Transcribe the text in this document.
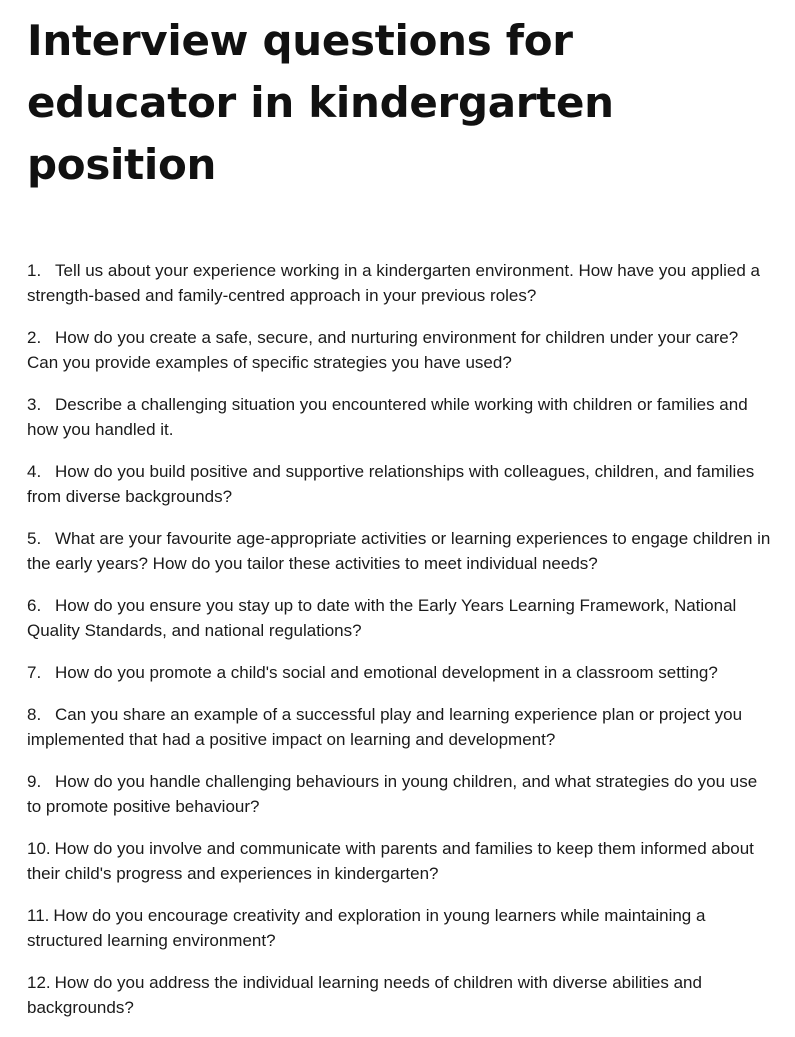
Interview questions for educator in kindergarten position
1. Tell us about your experience working in a kindergarten environment. How have you applied a strength-based and family-centred approach in your previous roles?
2. How do you create a safe, secure, and nurturing environment for children under your care? Can you provide examples of specific strategies you have used?
3. Describe a challenging situation you encountered while working with children or families and how you handled it.
4. How do you build positive and supportive relationships with colleagues, children, and families from diverse backgrounds?
5. What are your favourite age-appropriate activities or learning experiences to engage children in the early years? How do you tailor these activities to meet individual needs?
6. How do you ensure you stay up to date with the Early Years Learning Framework, National Quality Standards, and national regulations?
7. How do you promote a child's social and emotional development in a classroom setting?
8. Can you share an example of a successful play and learning experience plan or project you implemented that had a positive impact on learning and development?
9. How do you handle challenging behaviours in young children, and what strategies do you use to promote positive behaviour?
10. How do you involve and communicate with parents and families to keep them informed about their child's progress and experiences in kindergarten?
11. How do you encourage creativity and exploration in young learners while maintaining a structured learning environment?
12. How do you address the individual learning needs of children with diverse abilities and backgrounds?
